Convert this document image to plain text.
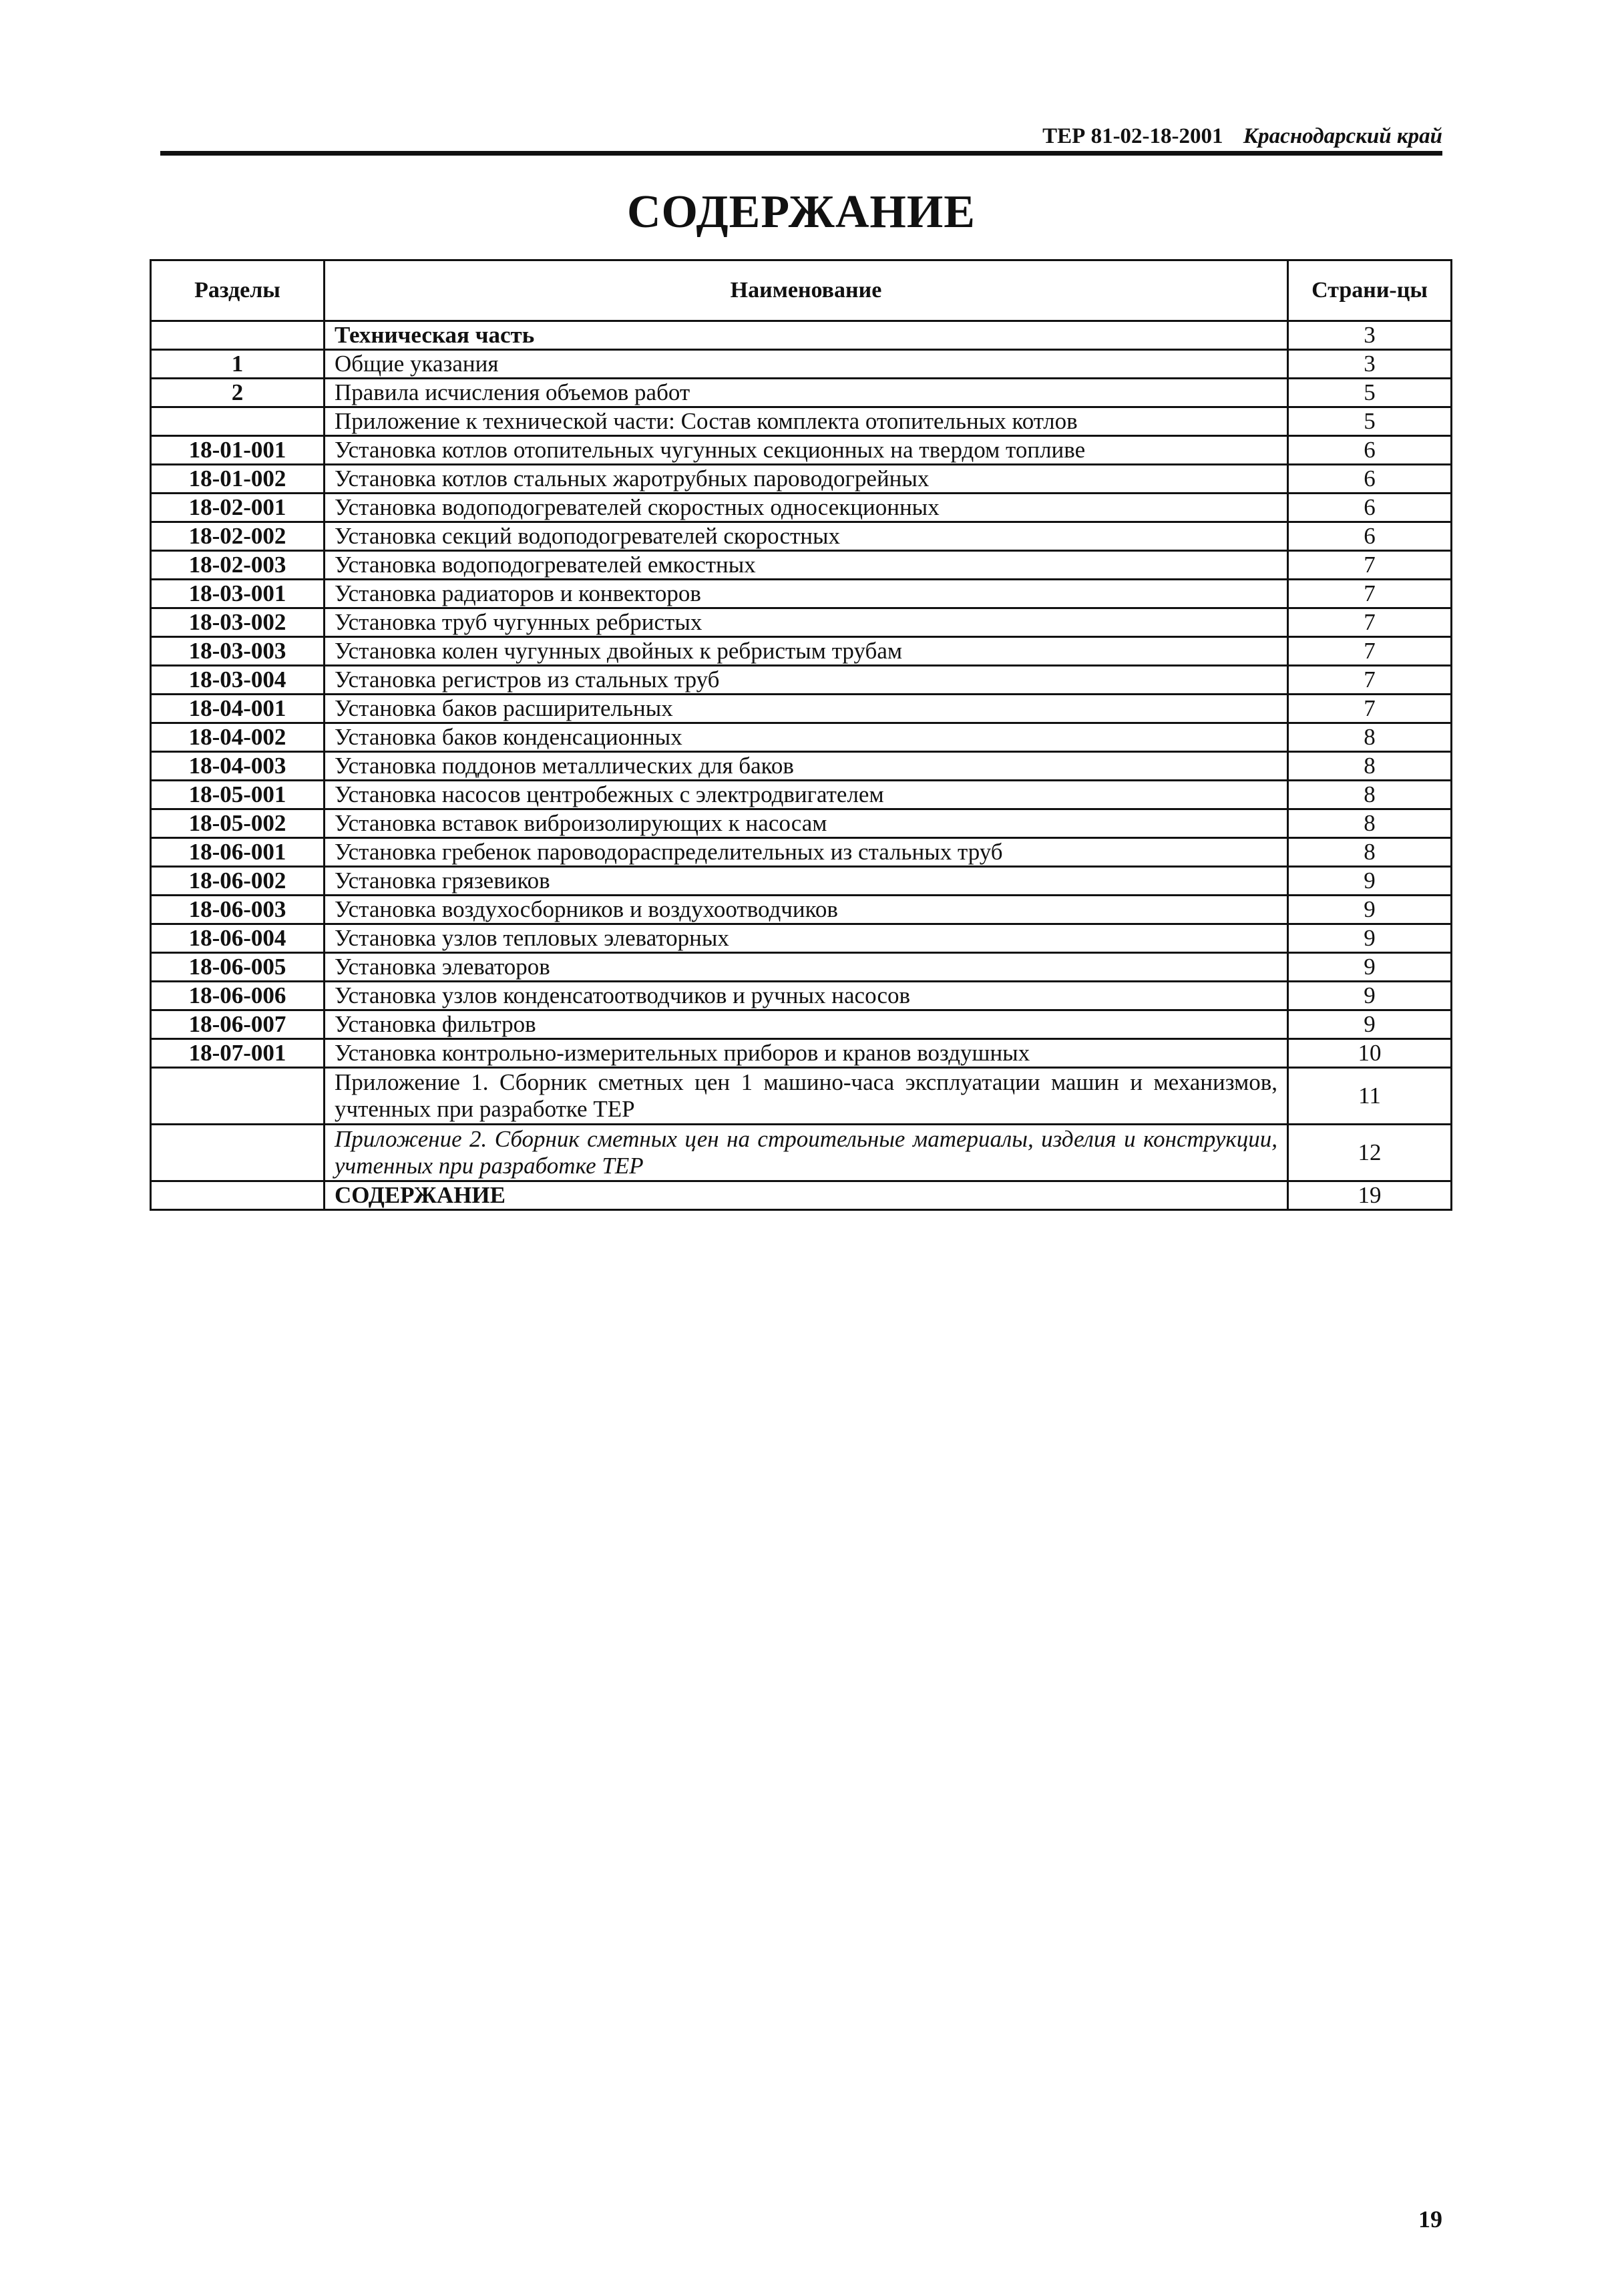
ТЕР 81-02-18-2001 Краснодарский край
СОДЕРЖАНИЕ
Разделы	Наименование	Страни-цы
	Техническая часть	3
1	Общие указания	3
2	Правила исчисления объемов работ	5
	Приложение к технической части: Состав комплекта отопительных котлов	5
18-01-001	Установка котлов отопительных чугунных секционных на твердом топливе	6
18-01-002	Установка котлов стальных жаротрубных пароводогрейных	6
18-02-001	Установка водоподогревателей скоростных односекционных	6
18-02-002	Установка секций водоподогревателей скоростных	6
18-02-003	Установка водоподогревателей емкостных	7
18-03-001	Установка радиаторов и конвекторов	7
18-03-002	Установка труб чугунных ребристых	7
18-03-003	Установка колен чугунных двойных к ребристым трубам	7
18-03-004	Установка регистров из стальных труб	7
18-04-001	Установка баков расширительных	7
18-04-002	Установка баков конденсационных	8
18-04-003	Установка поддонов металлических для баков	8
18-05-001	Установка насосов центробежных с электродвигателем	8
18-05-002	Установка вставок виброизолирующих к насосам	8
18-06-001	Установка гребенок пароводораспределительных из стальных труб	8
18-06-002	Установка грязевиков	9
18-06-003	Установка воздухосборников и воздухоотводчиков	9
18-06-004	Установка узлов тепловых элеваторных	9
18-06-005	Установка элеваторов	9
18-06-006	Установка узлов конденсатоотводчиков и ручных насосов	9
18-06-007	Установка фильтров	9
18-07-001	Установка контрольно-измерительных приборов и кранов воздушных	10
	Приложение 1. Сборник сметных цен 1 машино-часа эксплуатации машин и механизмов, учтенных при разработке ТЕР	11
	Приложение 2. Сборник сметных цен на строительные материалы, изделия и конструкции, учтенных при разработке ТЕР	12
	СОДЕРЖАНИЕ	19
19
